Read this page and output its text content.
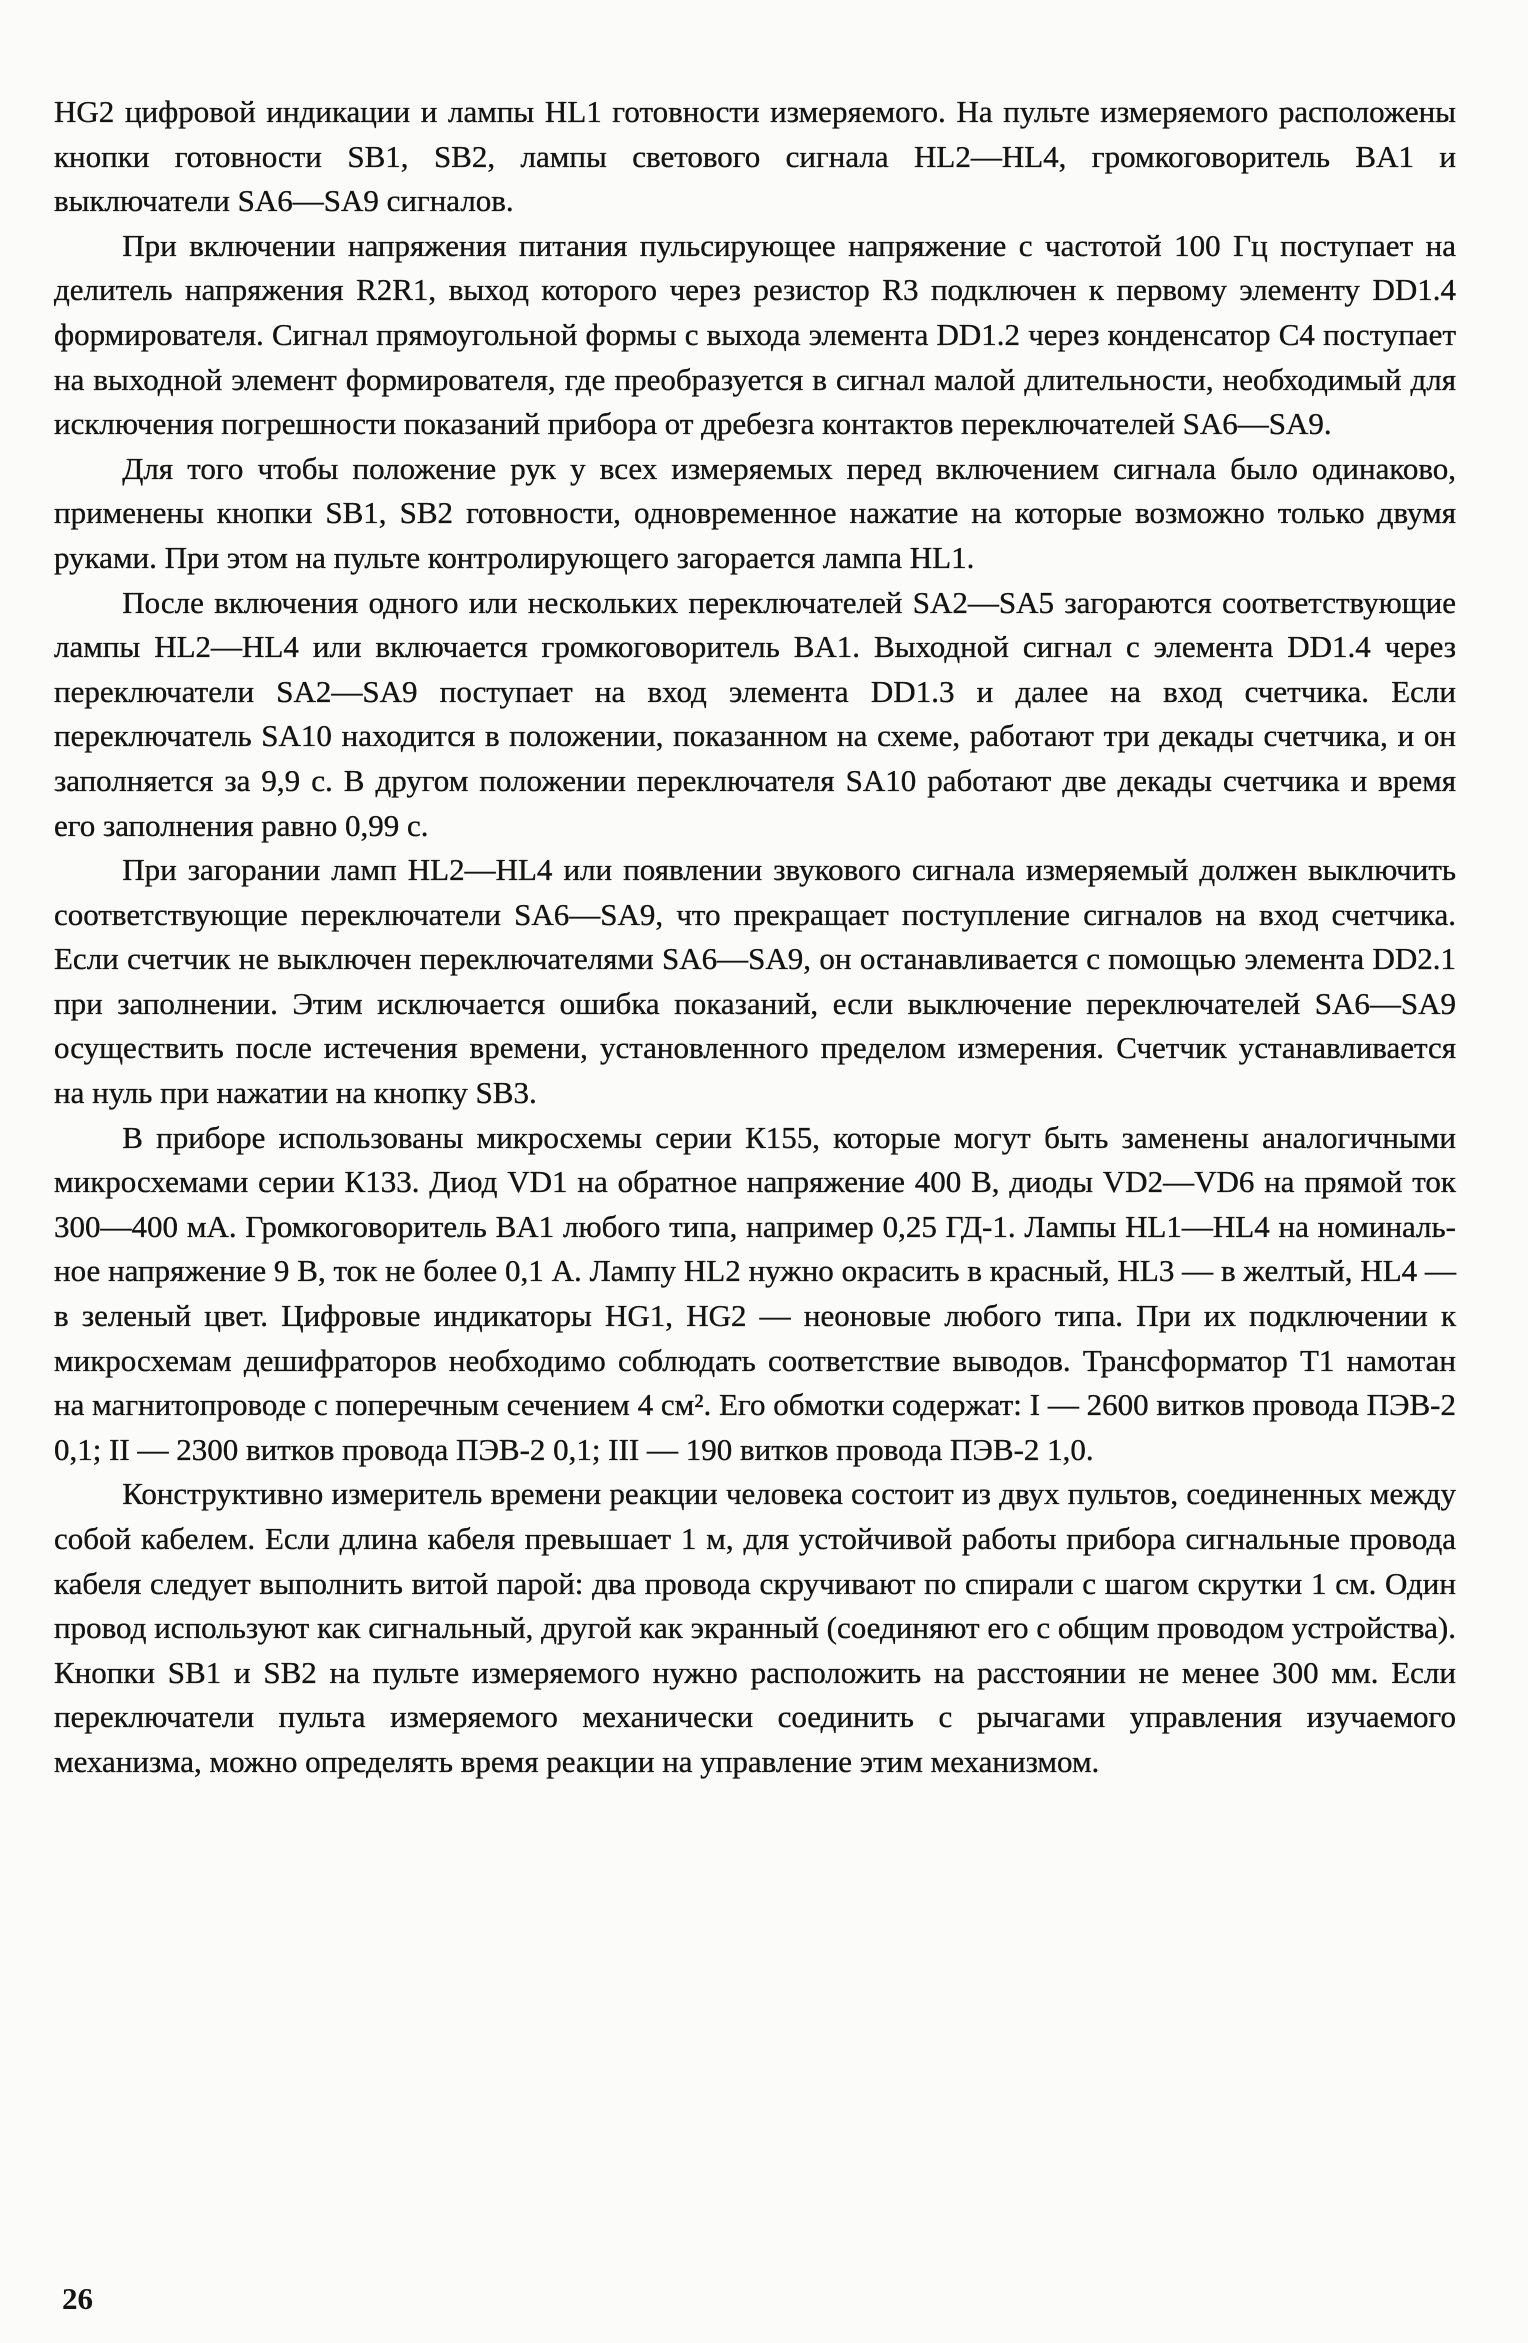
HG2 цифровой индикации и лампы HL1 готовности измеряемого. На пульте измеряемого расположены кнопки готовности SB1, SB2, лампы светового сигнала HL2—HL4, громкоговоритель BA1 и выключатели SA6—SA9 сигналов.

При включении напряжения питания пульсирующее напряжение с частотой 100 Гц поступает на делитель напряжения R2R1, выход которого через резистор R3 подключен к первому элементу DD1.4 формирователя. Сигнал прямоугольной формы с выхода элемента DD1.2 через конденсатор C4 поступает на выходной элемент формирователя, где преобразуется в сигнал малой длительности, необходимый для исключения погрешности показаний прибора от дребезга контактов переключателей SA6—SA9.

Для того чтобы положение рук у всех измеряемых перед включением сигнала было одинаково, применены кнопки SB1, SB2 готовности, одновременное нажатие на которые возможно только двумя руками. При этом на пульте контролирующего загорается лампа HL1.

После включения одного или нескольких переключателей SA2—SA5 загораются соответствующие лампы HL2—HL4 или включается громкоговоритель BA1. Выходной сигнал с элемента DD1.4 через переключатели SA2—SA9 поступает на вход элемента DD1.3 и далее на вход счетчика. Если переключатель SA10 находится в положении, показанном на схеме, работают три декады счетчика, и он заполняется за 9,9 с. В другом положении переключателя SA10 работают две декады счетчика и время его заполнения равно 0,99 с.

При загорании ламп HL2—HL4 или появлении звукового сигнала измеряемый должен выключить соответствующие переключатели SA6—SA9, что прекращает поступление сигналов на вход счетчика. Если счетчик не выключен переключателями SA6—SA9, он останавливается с помощью элемента DD2.1 при заполнении. Этим исключается ошибка показаний, если выключение переключателей SA6—SA9 осуществить после истечения времени, установленного пределом измерения. Счетчик устанавливается на нуль при нажатии на кнопку SB3.

В приборе использованы микросхемы серии К155, которые могут быть заменены аналогичными микросхемами серии К133. Диод VD1 на обратное напряжение 400 В, диоды VD2—VD6 на прямой ток 300—400 мА. Громкоговоритель BA1 любого типа, например 0,25 ГД-1. Лампы HL1—HL4 на номинальное напряжение 9 В, ток не более 0,1 А. Лампу HL2 нужно окрасить в красный, HL3 — в желтый, HL4 — в зеленый цвет. Цифровые индикаторы HG1, HG2 — неоновые любого типа. При их подключении к микросхемам дешифраторов необходимо соблюдать соответствие выводов. Трансформатор T1 намотан на магнитопроводе с поперечным сечением 4 см². Его обмотки содержат: I — 2600 витков провода ПЭВ-2 0,1; II — 2300 витков провода ПЭВ-2 0,1; III — 190 витков провода ПЭВ-2 1,0.

Конструктивно измеритель времени реакции человека состоит из двух пультов, соединенных между собой кабелем. Если длина кабеля превышает 1 м, для устойчивой работы прибора сигнальные провода кабеля следует выполнить витой парой: два провода скручивают по спирали с шагом скрутки 1 см. Один провод используют как сигнальный, другой как экранный (соединяют его с общим проводом устройства). Кнопки SB1 и SB2 на пульте измеряемого нужно расположить на расстоянии не менее 300 мм. Если переключатели пульта измеряемого механически соединить с рычагами управления изучаемого механизма, можно определять время реакции на управление этим механизмом.

26
